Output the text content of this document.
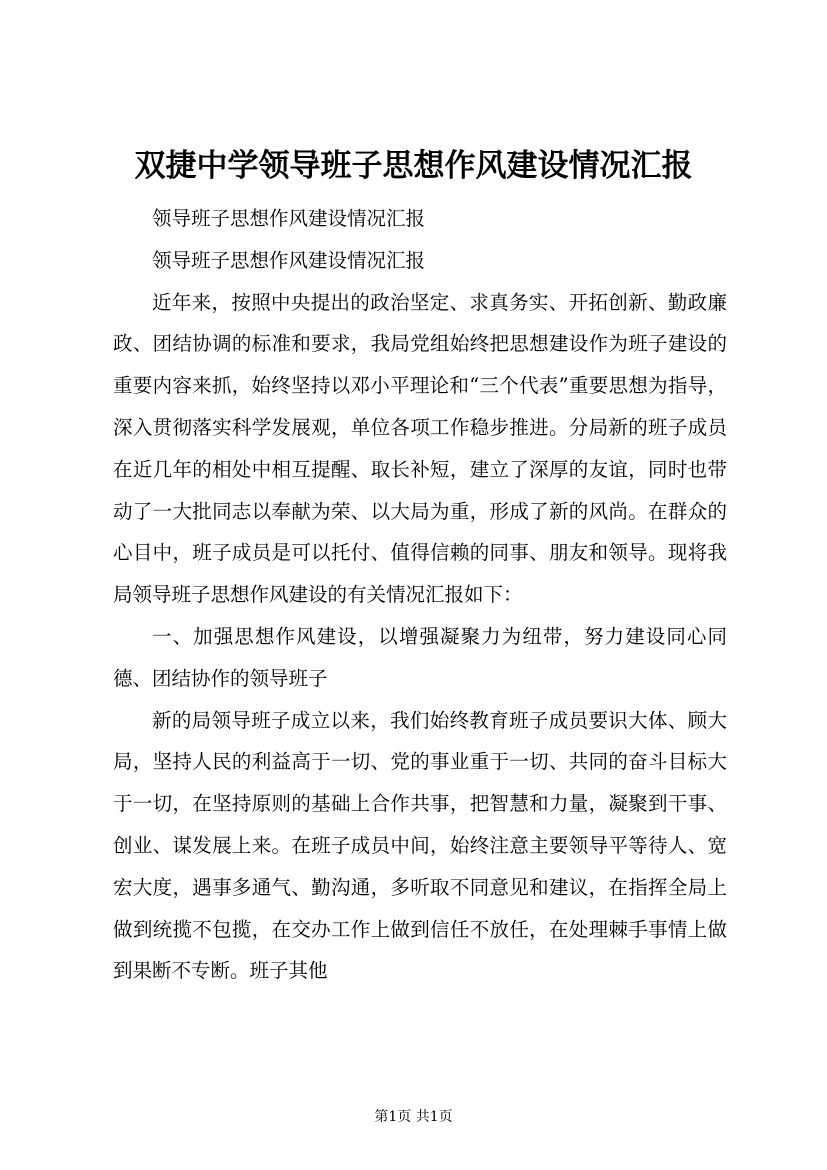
双捷中学领导班子思想作风建设情况汇报

领导班子思想作风建设情况汇报

领导班子思想作风建设情况汇报

近年来，按照中央提出的政治坚定、求真务实、开拓创新、勤政廉政、团结协调的标准和要求，我局党组始终把思想建设作为班子建设的重要内容来抓，始终坚持以邓小平理论和“三个代表”重要思想为指导，深入贯彻落实科学发展观，单位各项工作稳步推进。分局新的班子成员在近几年的相处中相互提醒、取长补短，建立了深厚的友谊，同时也带动了一大批同志以奉献为荣、以大局为重，形成了新的风尚。在群众的心目中，班子成员是可以托付、值得信赖的同事、朋友和领导。现将我局领导班子思想作风建设的有关情况汇报如下：

一、加强思想作风建设，以增强凝聚力为纽带，努力建设同心同德、团结协作的领导班子

新的局领导班子成立以来，我们始终教育班子成员要识大体、顾大局，坚持人民的利益高于一切、党的事业重于一切、共同的奋斗目标大于一切，在坚持原则的基础上合作共事，把智慧和力量，凝聚到干事、创业、谋发展上来。在班子成员中间，始终注意主要领导平等待人、宽宏大度，遇事多通气、勤沟通，多听取不同意见和建议，在指挥全局上做到统揽不包揽，在交办工作上做到信任不放任，在处理棘手事情上做到果断不专断。班子其他

第1页 共1页
